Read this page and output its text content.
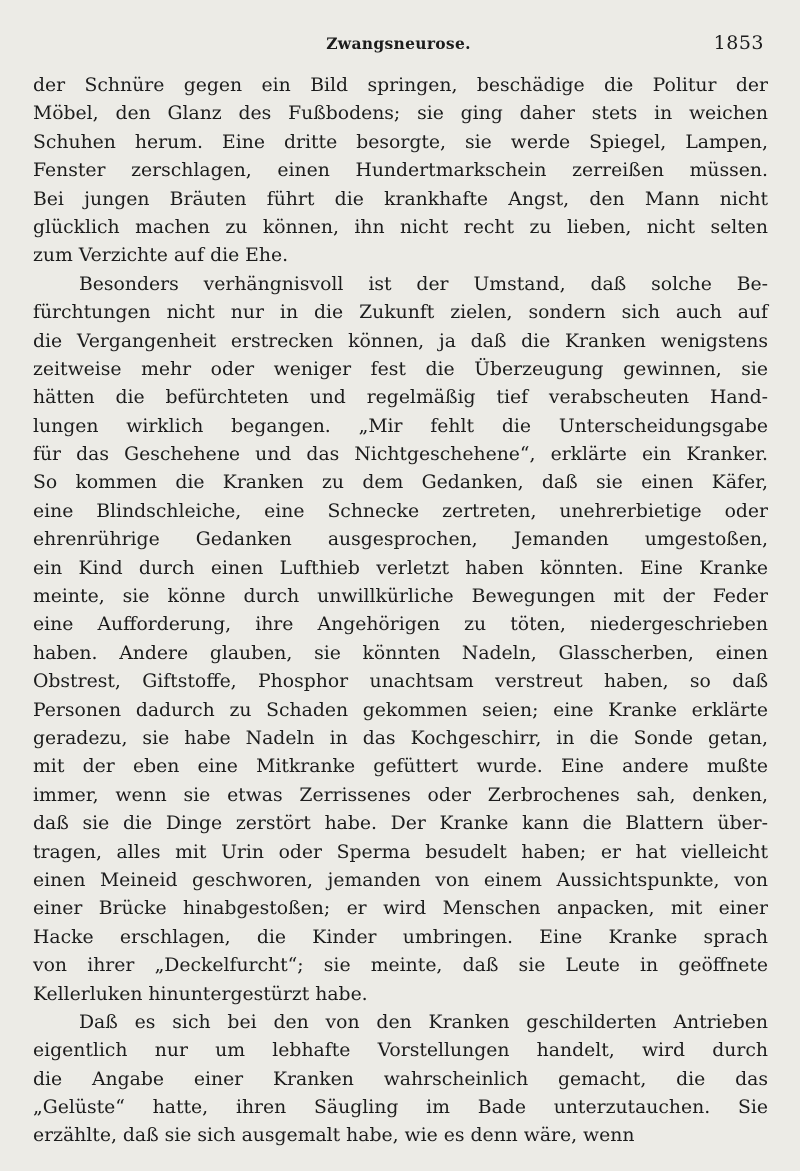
Zwangsneurose.	1853
der Schnüre gegen ein Bild springen, beschädige die Politur der
Möbel, den Glanz des Fußbodens; sie ging daher stets in weichen
Schuhen herum. Eine dritte besorgte, sie werde Spiegel, Lampen,
Fenster zerschlagen, einen Hundertmarkschein zerreißen müssen.
Bei jungen Bräuten führt die krankhafte Angst, den Mann nicht
glücklich machen zu können, ihn nicht recht zu lieben, nicht selten
zum Verzichte auf die Ehe.
Besonders verhängnisvoll ist der Umstand, daß solche Be-
fürchtungen nicht nur in die Zukunft zielen, sondern sich auch auf
die Vergangenheit erstrecken können, ja daß die Kranken wenigstens
zeitweise mehr oder weniger fest die Überzeugung gewinnen, sie
hätten die befürchteten und regelmäßig tief verabscheuten Hand-
lungen wirklich begangen. „Mir fehlt die Unterscheidungsgabe
für das Geschehene und das Nichtgeschehene“, erklärte ein Kranker.
So kommen die Kranken zu dem Gedanken, daß sie einen Käfer,
eine Blindschleiche, eine Schnecke zertreten, unehrerbietige oder
ehrenrührige Gedanken ausgesprochen, Jemanden umgestoßen,
ein Kind durch einen Lufthieb verletzt haben könnten. Eine Kranke
meinte, sie könne durch unwillkürliche Bewegungen mit der Feder
eine Aufforderung, ihre Angehörigen zu töten, niedergeschrieben
haben. Andere glauben, sie könnten Nadeln, Glasscherben, einen
Obstrest, Giftstoffe, Phosphor unachtsam verstreut haben, so daß
Personen dadurch zu Schaden gekommen seien; eine Kranke erklärte
geradezu, sie habe Nadeln in das Kochgeschirr, in die Sonde getan,
mit der eben eine Mitkranke gefüttert wurde. Eine andere mußte
immer, wenn sie etwas Zerrissenes oder Zerbrochenes sah, denken,
daß sie die Dinge zerstört habe. Der Kranke kann die Blattern über-
tragen, alles mit Urin oder Sperma besudelt haben; er hat vielleicht
einen Meineid geschworen, jemanden von einem Aussichtspunkte, von
einer Brücke hinabgestoßen; er wird Menschen anpacken, mit einer
Hacke erschlagen, die Kinder umbringen. Eine Kranke sprach
von ihrer „Deckelfurcht“; sie meinte, daß sie Leute in geöffnete
Kellerluken hinuntergestürzt habe.
Daß es sich bei den von den Kranken geschilderten Antrieben
eigentlich nur um lebhafte Vorstellungen handelt, wird durch
die Angabe einer Kranken wahrscheinlich gemacht, die das
„Gelüste“ hatte, ihren Säugling im Bade unterzutauchen. Sie
erzählte, daß sie sich ausgemalt habe, wie es denn wäre, wenn
